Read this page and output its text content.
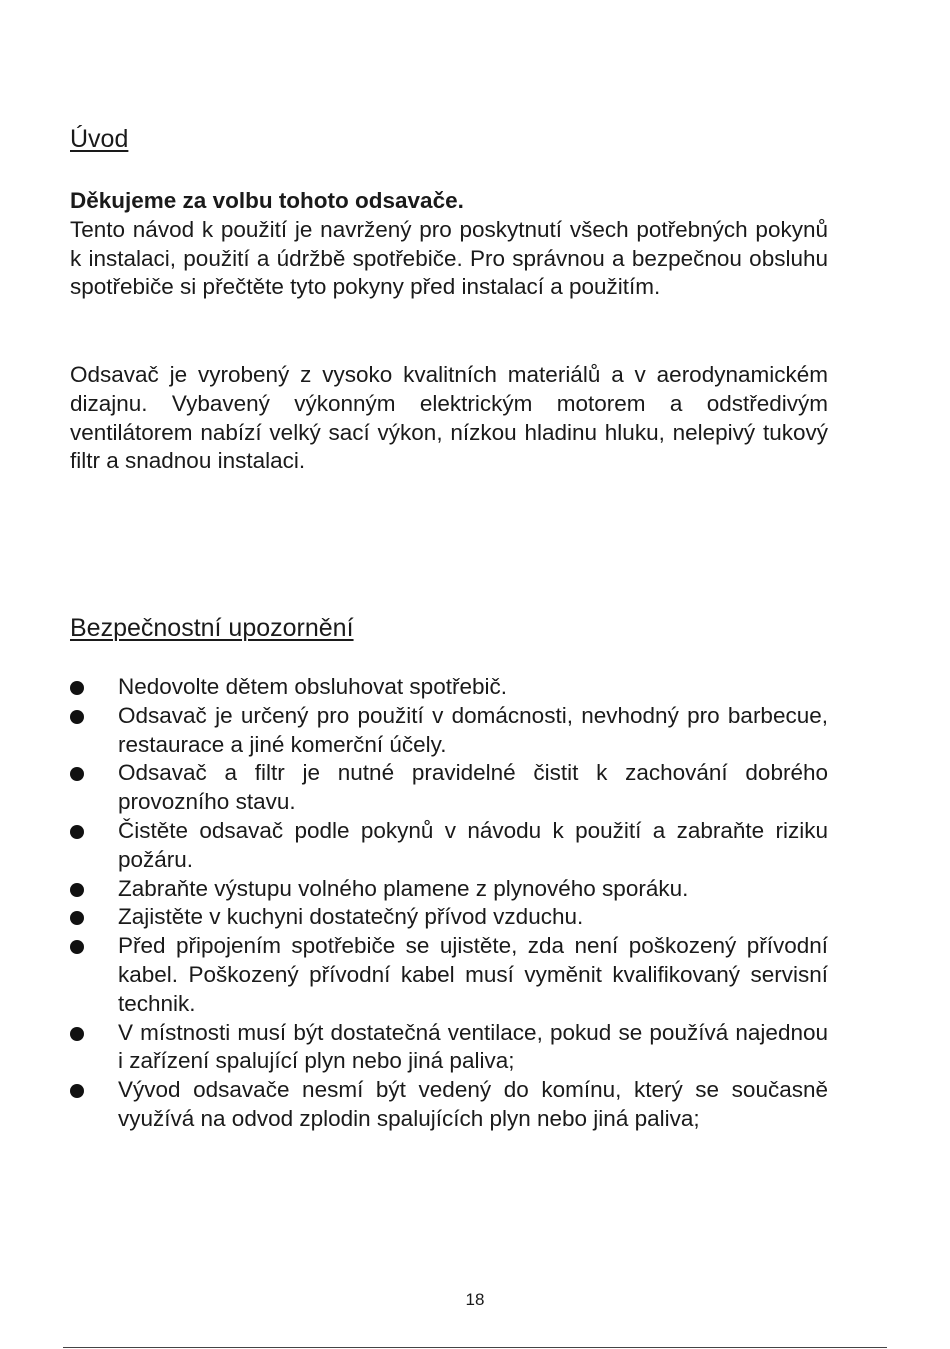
Úvod

Děkujeme za volbu tohoto odsavače.
Tento návod k použití je navržený pro poskytnutí všech potřebných pokynů k instalaci, použití a údržbě spotřebiče. Pro správnou a bezpečnou obsluhu spotřebiče si přečtěte tyto pokyny před instalací a použitím.

Odsavač je vyrobený z vysoko kvalitních materiálů a v aerodynamickém dizajnu. Vybavený výkonným elektrickým motorem a odstředivým ventilátorem nabízí velký sací výkon, nízkou hladinu hluku, nelepivý tukový filtr a snadnou instalaci.

Bezpečnostní upozornění
Nedovolte dětem obsluhovat spotřebič.
Odsavač je určený pro použití v domácnosti, nevhodný pro barbecue, restaurace a jiné komerční účely.
Odsavač a filtr je nutné pravidelné čistit k zachování dobrého provozního stavu.
Čistěte odsavač podle pokynů v návodu k použití a zabraňte riziku požáru.
Zabraňte výstupu volného plamene z plynového sporáku.
Zajistěte v kuchyni dostatečný přívod vzduchu.
Před připojením spotřebiče se ujistěte, zda není poškozený přívodní kabel. Poškozený přívodní kabel musí vyměnit kvalifikovaný servisní technik.
V místnosti musí být dostatečná ventilace, pokud se používá najednou i zařízení spalující plyn nebo jiná paliva;
Vývod odsavače nesmí být vedený do komínu, který se současně využívá na odvod zplodin spalujících plyn nebo jiná paliva;
18
